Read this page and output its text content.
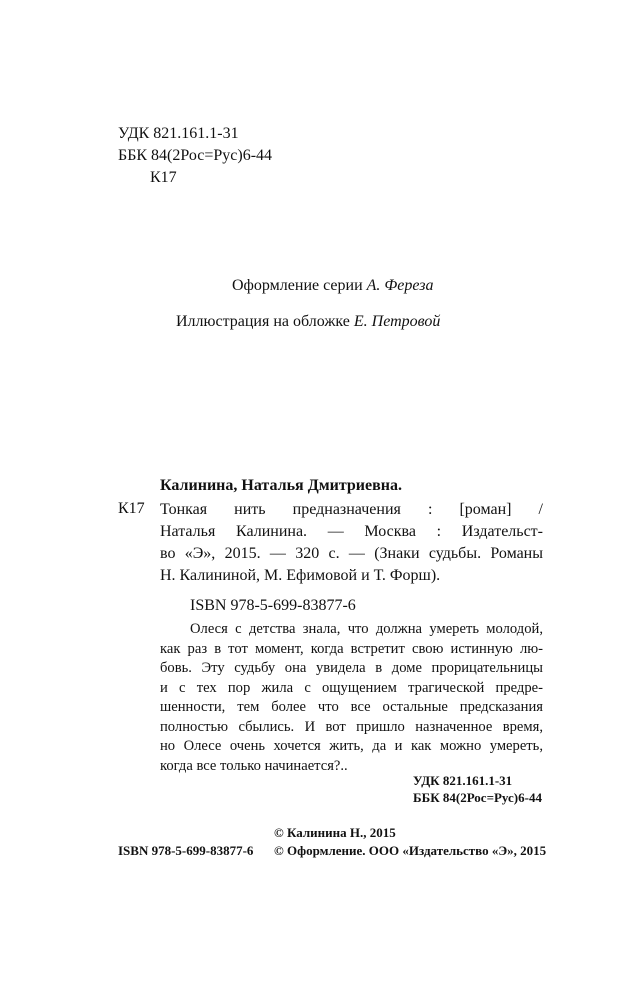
УДК 821.161.1-31
ББК 84(2Рос=Рус)6-44
К17
Оформление серии А. Фереза
Иллюстрация на обложке Е. Петровой
Калинина, Наталья Дмитриевна.
К17 Тонкая нить предназначения : [роман] /
Наталья Калинина. — Москва : Издательст-
во «Э», 2015. — 320 с. — (Знаки судьбы. Романы
Н. Калининой, М. Ефимовой и Т. Форш).
ISBN 978-5-699-83877-6
Олеся с детства знала, что должна умереть молодой,
как раз в тот момент, когда встретит свою истинную лю-
бовь. Эту судьбу она увидела в доме прорицательницы
и с тех пор жила с ощущением трагической предре-
шенности, тем более что все остальные предсказания
полностью сбылись. И вот пришло назначенное время,
но Олесе очень хочется жить, да и как можно умереть,
когда все только начинается?..
УДК 821.161.1-31
ББК 84(2Рос=Рус)6-44
ISBN 978-5-699-83877-6
© Калинина Н., 2015
© Оформление. ООО «Издательство «Э», 2015
